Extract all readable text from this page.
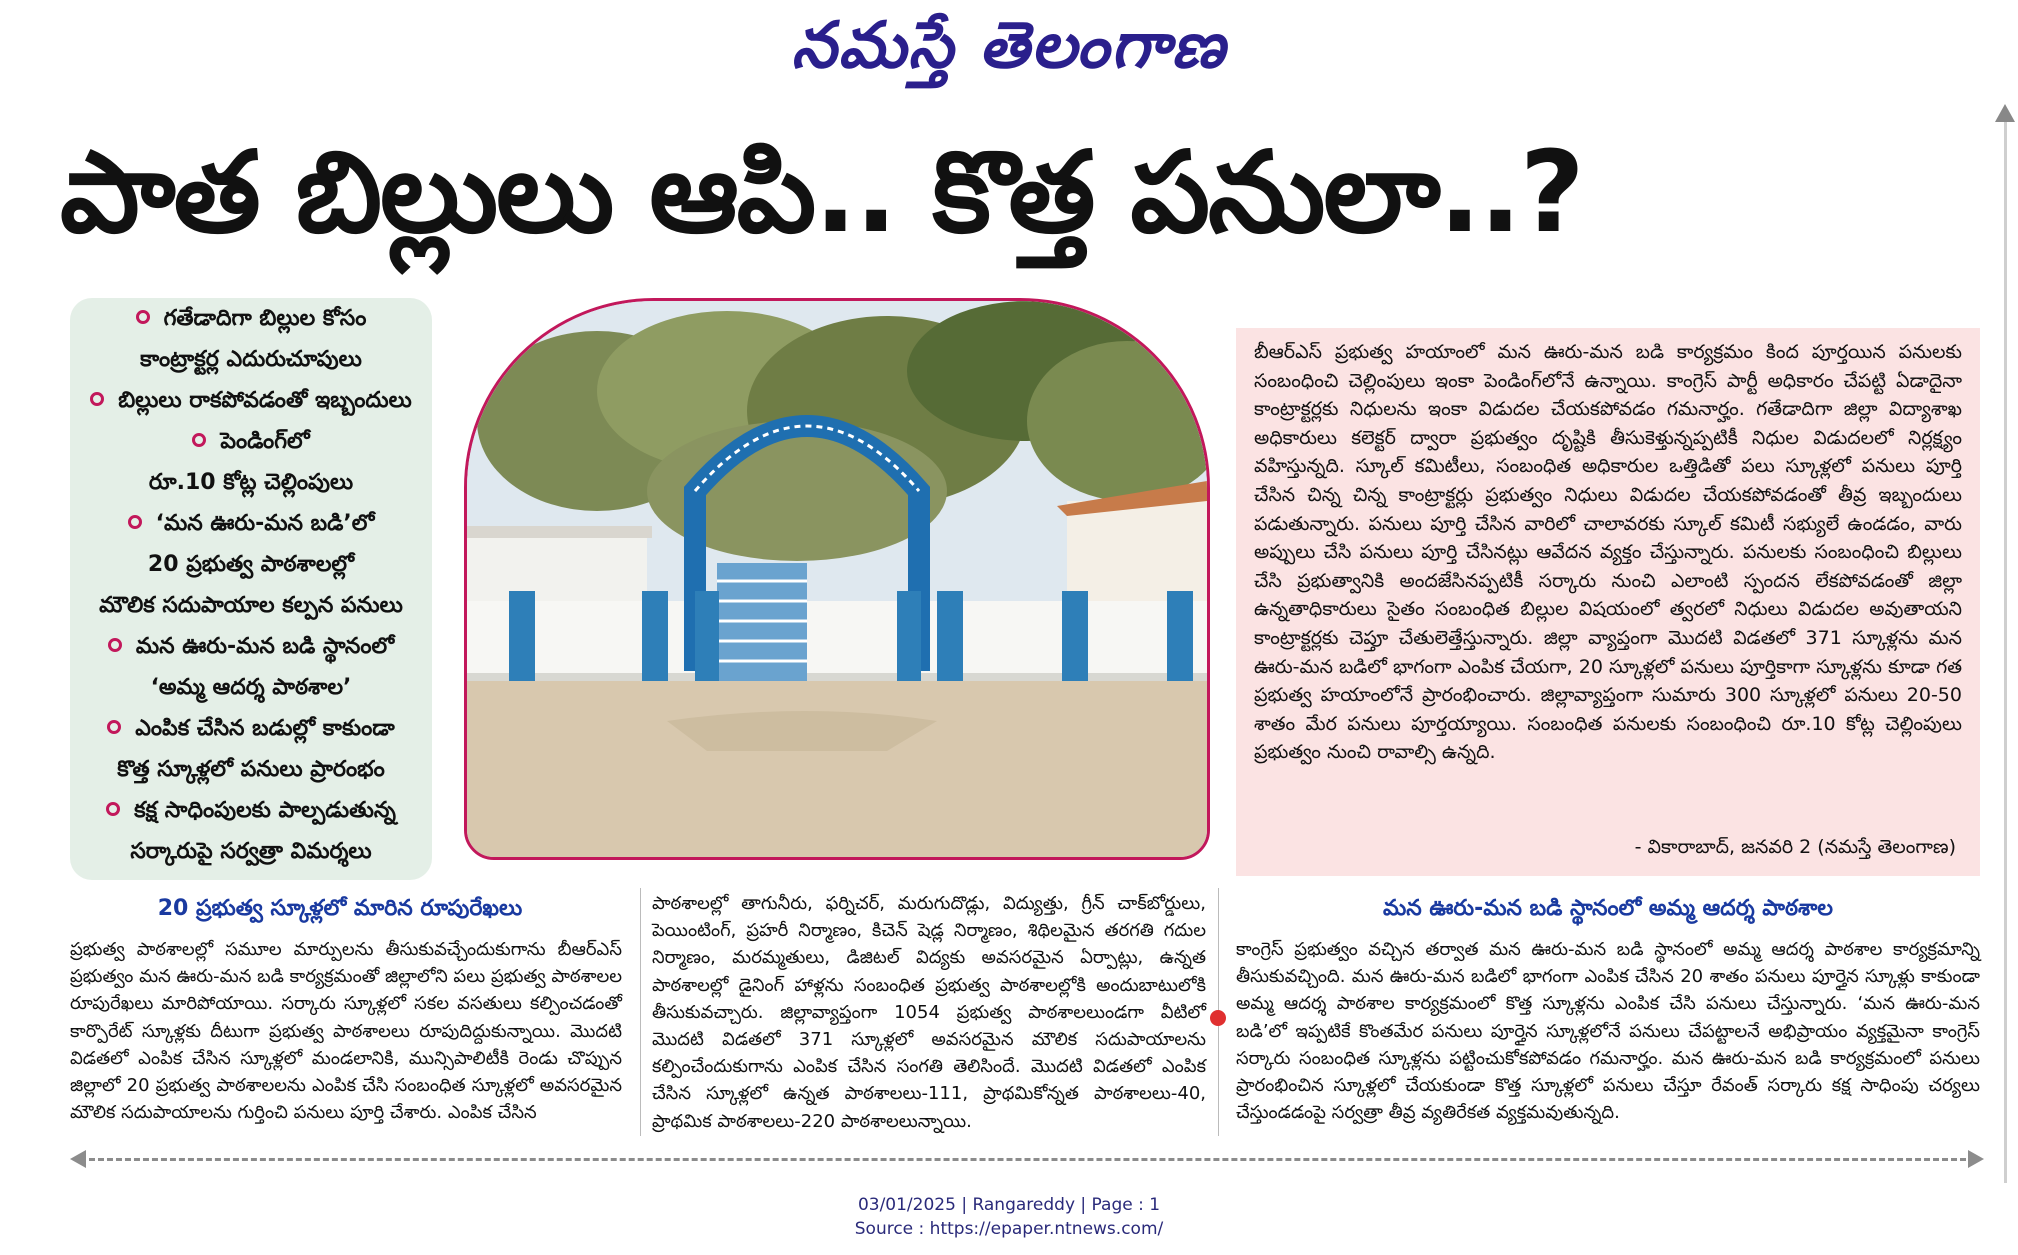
నమస్తే తెలంగాణ
పాత బిల్లులు ఆపి.. కొత్త పనులా..?
గతేడాదిగా బిల్లుల కోసం
కాంట్రాక్టర్ల ఎదురుచూపులు
బిల్లులు రాకపోవడంతో ఇబ్బందులు
పెండింగ్‌లో
రూ.10 కోట్ల చెల్లింపులు
‘మన ఊరు-మన బడి’లో
20 ప్రభుత్వ పాఠశాలల్లో
మౌలిక సదుపాయాల కల్పన పనులు
మన ఊరు-మన బడి స్థానంలో
‘అమ్మ ఆదర్శ పాఠశాల’
ఎంపిక చేసిన బడుల్లో కాకుండా
కొత్త స్కూళ్లలో పనులు ప్రారంభం
కక్ష సాధింపులకు పాల్పడుతున్న
సర్కారుపై సర్వత్రా విమర్శలు

బీఆర్‌ఎస్‌ ప్రభుత్వ హయాంలో మన ఊరు-మన బడి కార్యక్రమం కింద పూర్తయిన పనులకు సంబంధించి చెల్లింపులు ఇంకా పెండింగ్‌లోనే ఉన్నాయి. కాంగ్రెస్‌ పార్టీ అధికారం చేపట్టి ఏడాదైనా కాంట్రాక్టర్లకు నిధులను ఇంకా విడుదల చేయకపోవడం గమనార్హం. గతేడాదిగా జిల్లా విద్యాశాఖ అధికారులు కలెక్టర్‌ ద్వారా ప్రభుత్వం దృష్టికి తీసుకెళ్తున్నప్పటికీ నిధుల విడుదలలో నిర్లక్ష్యం వహిస్తున్నది. స్కూల్‌ కమిటీలు, సంబంధిత అధికారుల ఒత్తిడితో పలు స్కూళ్లలో పనులు పూర్తి చేసిన చిన్న చిన్న కాంట్రాక్టర్లు ప్రభుత్వం నిధులు విడుదల చేయకపోవడంతో తీవ్ర ఇబ్బందులు పడుతున్నారు. పనులు పూర్తి చేసిన వారిలో చాలావరకు స్కూల్‌ కమిటీ సభ్యులే ఉండడం, వారు అప్పులు చేసి పనులు పూర్తి చేసినట్లు ఆవేదన వ్యక్తం చేస్తున్నారు. పనులకు సంబంధించి బిల్లులు చేసి ప్రభుత్వానికి అందజేసినప్పటికీ సర్కారు నుంచి ఎలాంటి స్పందన లేకపోవడంతో జిల్లా ఉన్నతాధికారులు సైతం సంబంధిత బిల్లుల విషయంలో త్వరలో నిధులు విడుదల అవుతాయని కాంట్రాక్టర్లకు చెప్తూ చేతులెత్తేస్తున్నారు. జిల్లా వ్యాప్తంగా మొదటి విడతలో 371 స్కూళ్లను మన ఊరు-మన బడిలో భాగంగా ఎంపిక చేయగా, 20 స్కూళ్లలో పనులు పూర్తికాగా స్కూళ్లను కూడా గత ప్రభుత్వ హయాంలోనే ప్రారంభించారు. జిల్లావ్యాప్తంగా సుమారు 300 స్కూళ్లలో పనులు 20-50 శాతం మేర పనులు పూర్తయ్యాయి. సంబంధిత పనులకు సంబంధించి రూ.10 కోట్ల చెల్లింపులు ప్రభుత్వం నుంచి రావాల్సి ఉన్నది.

- వికారాబాద్‌, జనవరి 2 (నమస్తే తెలంగాణ)
20 ప్రభుత్వ స్కూళ్లలో మారిన రూపురేఖలు

ప్రభుత్వ పాఠశాలల్లో సమూల మార్పులను తీసుకువచ్చేందుకుగాను బీఆర్‌ఎస్‌ ప్రభుత్వం మన ఊరు-మన బడి కార్యక్రమంతో జిల్లాలోని పలు ప్రభుత్వ పాఠశాలల రూపురేఖలు మారిపోయాయి. సర్కారు స్కూళ్లలో సకల వసతులు కల్పించడంతో కార్పొరేట్‌ స్కూళ్లకు దీటుగా ప్రభుత్వ పాఠశాలలు రూపుదిద్దుకున్నాయి. మొదటి విడతలో ఎంపిక చేసిన స్కూళ్లలో మండలానికి, మున్సిపాలిటీకి రెండు చొప్పున జిల్లాలో 20 ప్రభుత్వ పాఠశాలలను ఎంపిక చేసి సంబంధిత స్కూళ్లలో అవసరమైన మౌలిక సదుపాయాలను గుర్తించి పనులు పూర్తి చేశారు. ఎంపిక చేసిన

పాఠశాలల్లో తాగునీరు, ఫర్నిచర్‌, మరుగుదొడ్లు, విద్యుత్తు, గ్రీన్‌ చాక్‌బోర్డులు, పెయింటింగ్‌, ప్రహరీ నిర్మాణం, కిచెన్‌ షెడ్ల నిర్మాణం, శిథిలమైన తరగతి గదుల నిర్మాణం, మరమ్మతులు, డిజిటల్‌ విద్యకు అవసరమైన ఏర్పాట్లు, ఉన్నత పాఠశాలల్లో డైనింగ్‌ హాళ్లను సంబంధిత ప్రభుత్వ పాఠశాలల్లోకి అందుబాటులోకి తీసుకువచ్చారు. జిల్లావ్యాప్తంగా 1054 ప్రభుత్వ పాఠశాలలుండగా వీటిలో మొదటి విడతలో 371 స్కూళ్లలో అవసరమైన మౌలిక సదుపాయాలను కల్పించేందుకుగాను ఎంపిక చేసిన సంగతి తెలిసిందే. మొదటి విడతలో ఎంపిక చేసిన స్కూళ్లలో ఉన్నత పాఠశాలలు-111, ప్రాథమికోన్నత పాఠశాలలు-40, ప్రాథమిక పాఠశాలలు-220 పాఠశాలలున్నాయి.

మన ఊరు-మన బడి స్థానంలో అమ్మ ఆదర్శ పాఠశాల

కాంగ్రెస్‌ ప్రభుత్వం వచ్చిన తర్వాత మన ఊరు-మన బడి స్థానంలో అమ్మ ఆదర్శ పాఠశాల కార్యక్రమాన్ని తీసుకువచ్చింది. మన ఊరు-మన బడిలో భాగంగా ఎంపిక చేసిన 20 శాతం పనులు పూర్తైన స్కూళ్లు కాకుండా అమ్మ ఆదర్శ పాఠశాల కార్యక్రమంలో కొత్త స్కూళ్లను ఎంపిక చేసి పనులు చేస్తున్నారు. ‘మన ఊరు-మన బడి’లో ఇప్పటికే కొంతమేర పనులు పూర్తైన స్కూళ్లలోనే పనులు చేపట్టాలనే అభిప్రాయం వ్యక్తమైనా కాంగ్రెస్‌ సర్కారు సంబంధిత స్కూళ్లను పట్టించుకోకపోవడం గమనార్హం. మన ఊరు-మన బడి కార్యక్రమంలో పనులు ప్రారంభించిన స్కూళ్లలో చేయకుండా కొత్త స్కూళ్లలో పనులు చేస్తూ రేవంత్‌ సర్కారు కక్ష సాధింపు చర్యలు చేస్తుండడంపై సర్వత్రా తీవ్ర వ్యతిరేకత వ్యక్తమవుతున్నది.

03/01/2025 | Rangareddy | Page : 1
Source : https://epaper.ntnews.com/
